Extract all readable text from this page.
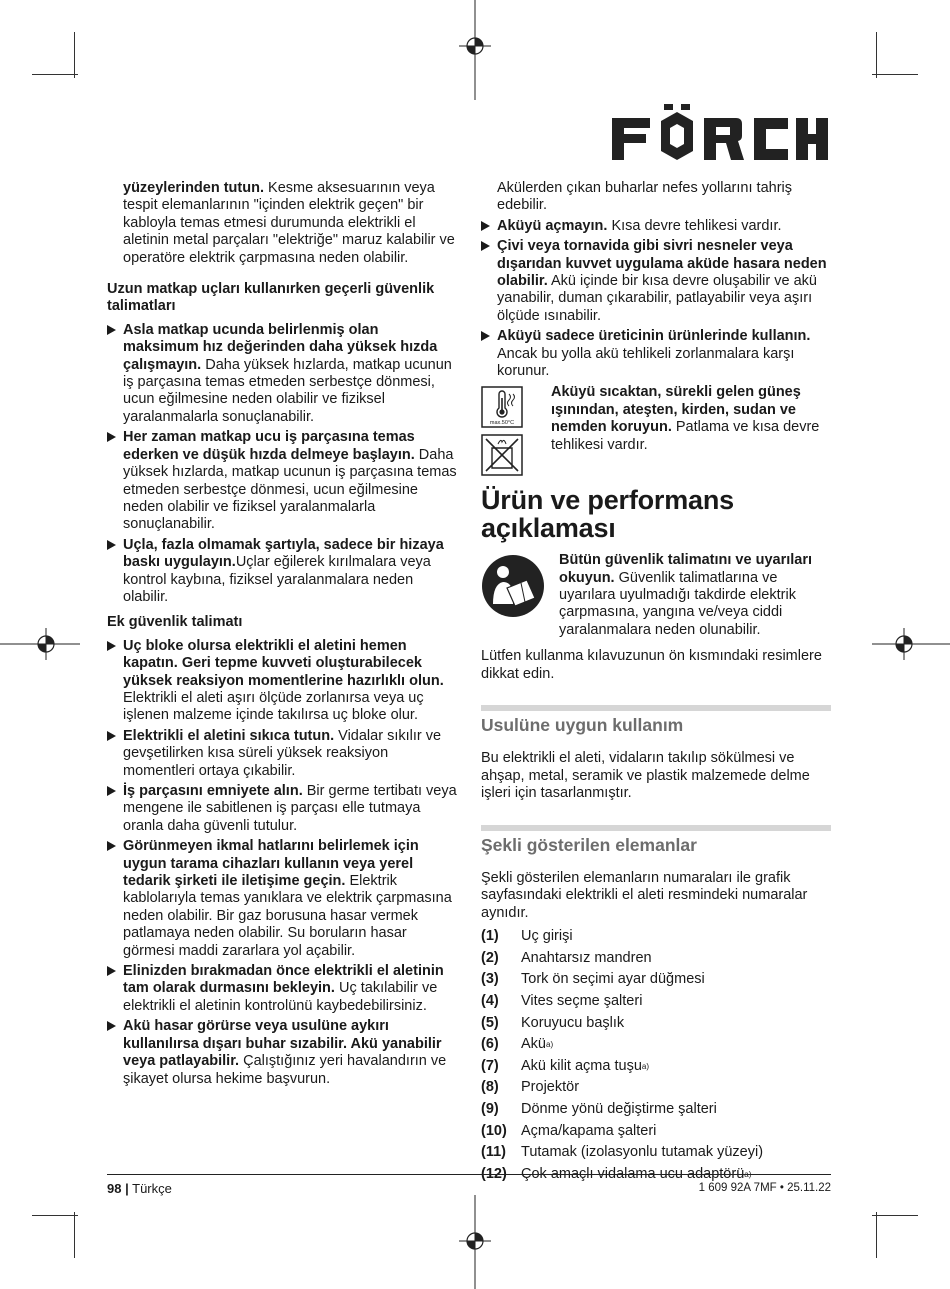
yüzeylerinden tutun. Kesme aksesuarının veya tespit elemanlarının "içinden elektrik geçen" bir kabloyla temas etmesi durumunda elektrikli el aletinin metal parçaları "elektriğe" maruz kalabilir ve operatöre elektrik çarpmasına neden olabilir.

Uzun matkap uçları kullanırken geçerli güvenlik talimatları

Asla matkap ucunda belirlenmiş olan maksimum hız değerinden daha yüksek hızda çalışmayın. Daha yüksek hızlarda, matkap ucunun iş parçasına temas etmeden serbestçe dönmesi, ucun eğilmesine neden olabilir ve fiziksel yaralanmalarla sonuçlanabilir.
Her zaman matkap ucu iş parçasına temas ederken ve düşük hızda delmeye başlayın. Daha yüksek hızlarda, matkap ucunun iş parçasına temas etmeden serbestçe dönmesi, ucun eğilmesine neden olabilir ve fiziksel yaralanmalarla sonuçlanabilir.
Uçla, fazla olmamak şartıyla, sadece bir hizaya baskı uygulayın.Uçlar eğilerek kırılmalara veya kontrol kaybına, fiziksel yaralanmalara neden olabilir.

Ek güvenlik talimatı

Uç bloke olursa elektrikli el aletini hemen kapatın. Geri tepme kuvveti oluşturabilecek yüksek reaksiyon momentlerine hazırlıklı olun. Elektrikli el aleti aşırı ölçüde zorlanırsa veya uç işlenen malzeme içinde takılırsa uç bloke olur.
Elektrikli el aletini sıkıca tutun. Vidalar sıkılır ve gevşetilirken kısa süreli yüksek reaksiyon momentleri ortaya çıkabilir.
İş parçasını emniyete alın. Bir germe tertibatı veya mengene ile sabitlenen iş parçası elle tutmaya oranla daha güvenli tutulur.
Görünmeyen ikmal hatlarını belirlemek için uygun tarama cihazları kullanın veya yerel tedarik şirketi ile iletişime geçin. Elektrik kablolarıyla temas yanıklara ve elektrik çarpmasına neden olabilir. Bir gaz borusuna hasar vermek patlamaya neden olabilir. Su boruların hasar görmesi maddi zararlara yol açabilir.
Elinizden bırakmadan önce elektrikli el aletinin tam olarak durmasını bekleyin. Uç takılabilir ve elektrikli el aletinin kontrolünü kaybedebilirsiniz.
Akü hasar görürse veya usulüne aykırı kullanılırsa dışarı buhar sızabilir. Akü yanabilir veya patlayabilir. Çalıştığınız yeri havalandırın ve şikayet olursa hekime başvurun.

Akülerden çıkan buharlar nefes yollarını tahriş edebilir.

Aküyü açmayın. Kısa devre tehlikesi vardır.
Çivi veya tornavida gibi sivri nesneler veya dışarıdan kuvvet uygulama aküde hasara neden olabilir. Akü içinde bir kısa devre oluşabilir ve akü yanabilir, duman çıkarabilir, patlayabilir veya aşırı ölçüde ısınabilir.
Aküyü sadece üreticinin ürünlerinde kullanın. Ancak bu yolla akü tehlikeli zorlanmalara karşı korunur.
max.50°C

Aküyü sıcaktan, sürekli gelen güneş ışınından, ateşten, kirden, sudan ve nemden koruyun. Patlama ve kısa devre tehlikesi vardır.

Ürün ve performans açıklaması

Bütün güvenlik talimatını ve uyarıları okuyun. Güvenlik talimatlarına ve uyarılara uyulmadığı takdirde elektrik çarpmasına, yangına ve/veya ciddi yaralanmalara neden olunabilir.

Lütfen kullanma kılavuzunun ön kısmındaki resimlere dikkat edin.

Usulüne uygun kullanım

Bu elektrikli el aleti, vidaların takılıp sökülmesi ve ahşap, metal, seramik ve plastik malzemede delme işleri için tasarlanmıştır.

Şekli gösterilen elemanlar

Şekli gösterilen elemanların numaraları ile grafik sayfasındaki elektrikli el aleti resmindeki numaralar aynıdır.

(1)	Uç girişi
(2)	Anahtarsız mandren
(3)	Tork ön seçimi ayar düğmesi
(4)	Vites seçme şalteri
(5)	Koruyucu başlık
(6)	Akü a)
(7)	Akü kilit açma tuşu a)
(8)	Projektör
(9)	Dönme yönü değiştirme şalteri
(10) Açma/kapama şalteri
(11)	Tutamak (izolasyonlu tutamak yüzeyi)
(12) Çok amaçlı vidalama ucu adaptörü a)
98 | Türkçe	1 609 92A 7MF • 25.11.22
